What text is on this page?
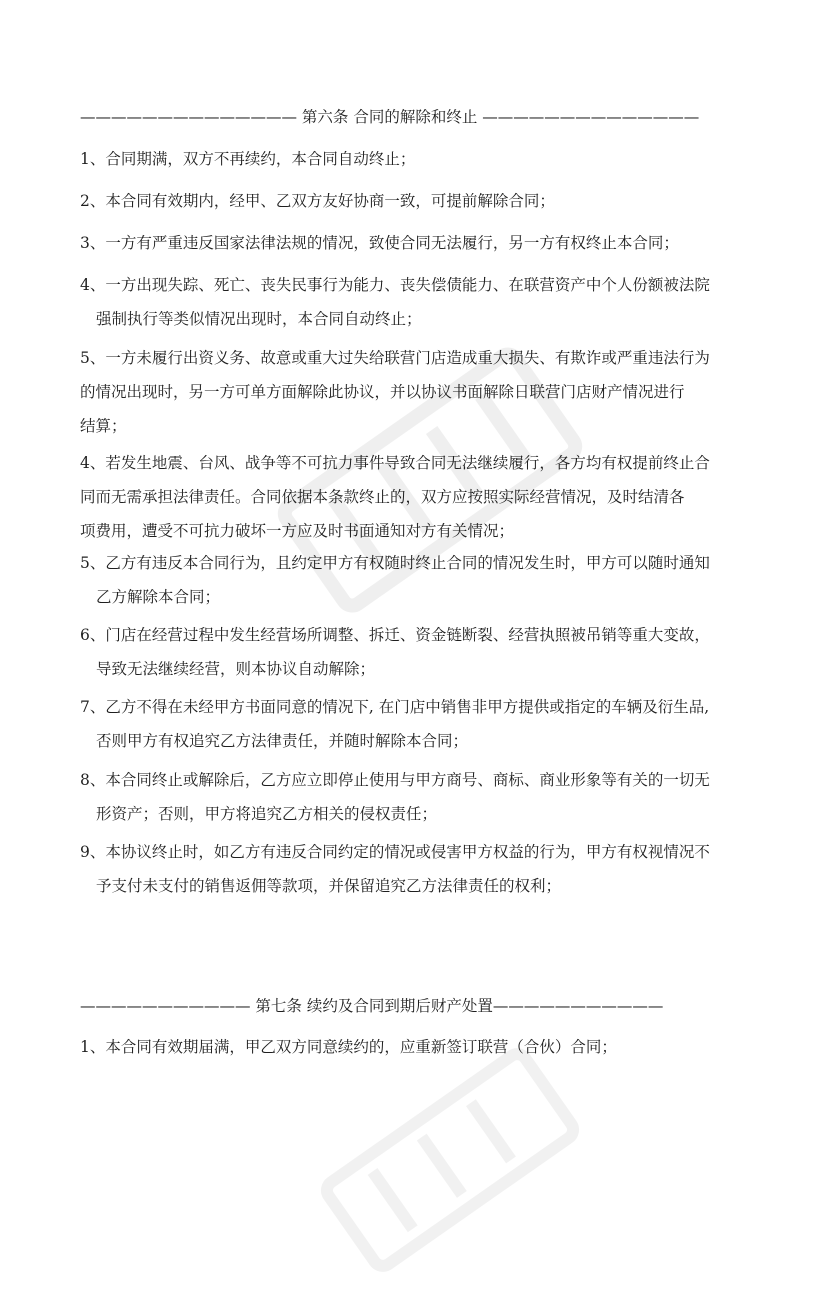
—————————————— 第六条 合同的解除和终止 ——————————————
1、合同期满，双方不再续约，本合同自动终止；
2、本合同有效期内，经甲、乙双方友好协商一致，可提前解除合同；
3、一方有严重违反国家法律法规的情况，致使合同无法履行，另一方有权终止本合同；
4、一方出现失踪、死亡、丧失民事行为能力、丧失偿债能力、在联营资产中个人份额被法院
强制执行等类似情况出现时，本合同自动终止；
5、一方未履行出资义务、故意或重大过失给联营门店造成重大损失、有欺诈或严重违法行为
的情况出现时，另一方可单方面解除此协议，并以协议书面解除日联营门店财产情况进行
结算；
4、若发生地震、台风、战争等不可抗力事件导致合同无法继续履行，各方均有权提前终止合
同而无需承担法律责任。合同依据本条款终止的，双方应按照实际经营情况，及时结清各
项费用，遭受不可抗力破坏一方应及时书面通知对方有关情况；
5、乙方有违反本合同行为，且约定甲方有权随时终止合同的情况发生时，甲方可以随时通知
乙方解除本合同；
6、门店在经营过程中发生经营场所调整、拆迁、资金链断裂、经营执照被吊销等重大变故，
导致无法继续经营，则本协议自动解除；
7、乙方不得在未经甲方书面同意的情况下, 在门店中销售非甲方提供或指定的车辆及衍生品,
否则甲方有权追究乙方法律责任，并随时解除本合同；
8、本合同终止或解除后，乙方应立即停止使用与甲方商号、商标、商业形象等有关的一切无
形资产；否则，甲方将追究乙方相关的侵权责任；
9、本协议终止时，如乙方有违反合同约定的情况或侵害甲方权益的行为，甲方有权视情况不
予支付未支付的销售返佣等款项，并保留追究乙方法律责任的权利；
——————————— 第七条 续约及合同到期后财产处置———————————
1、本合同有效期届满，甲乙双方同意续约的，应重新签订联营（合伙）合同；
